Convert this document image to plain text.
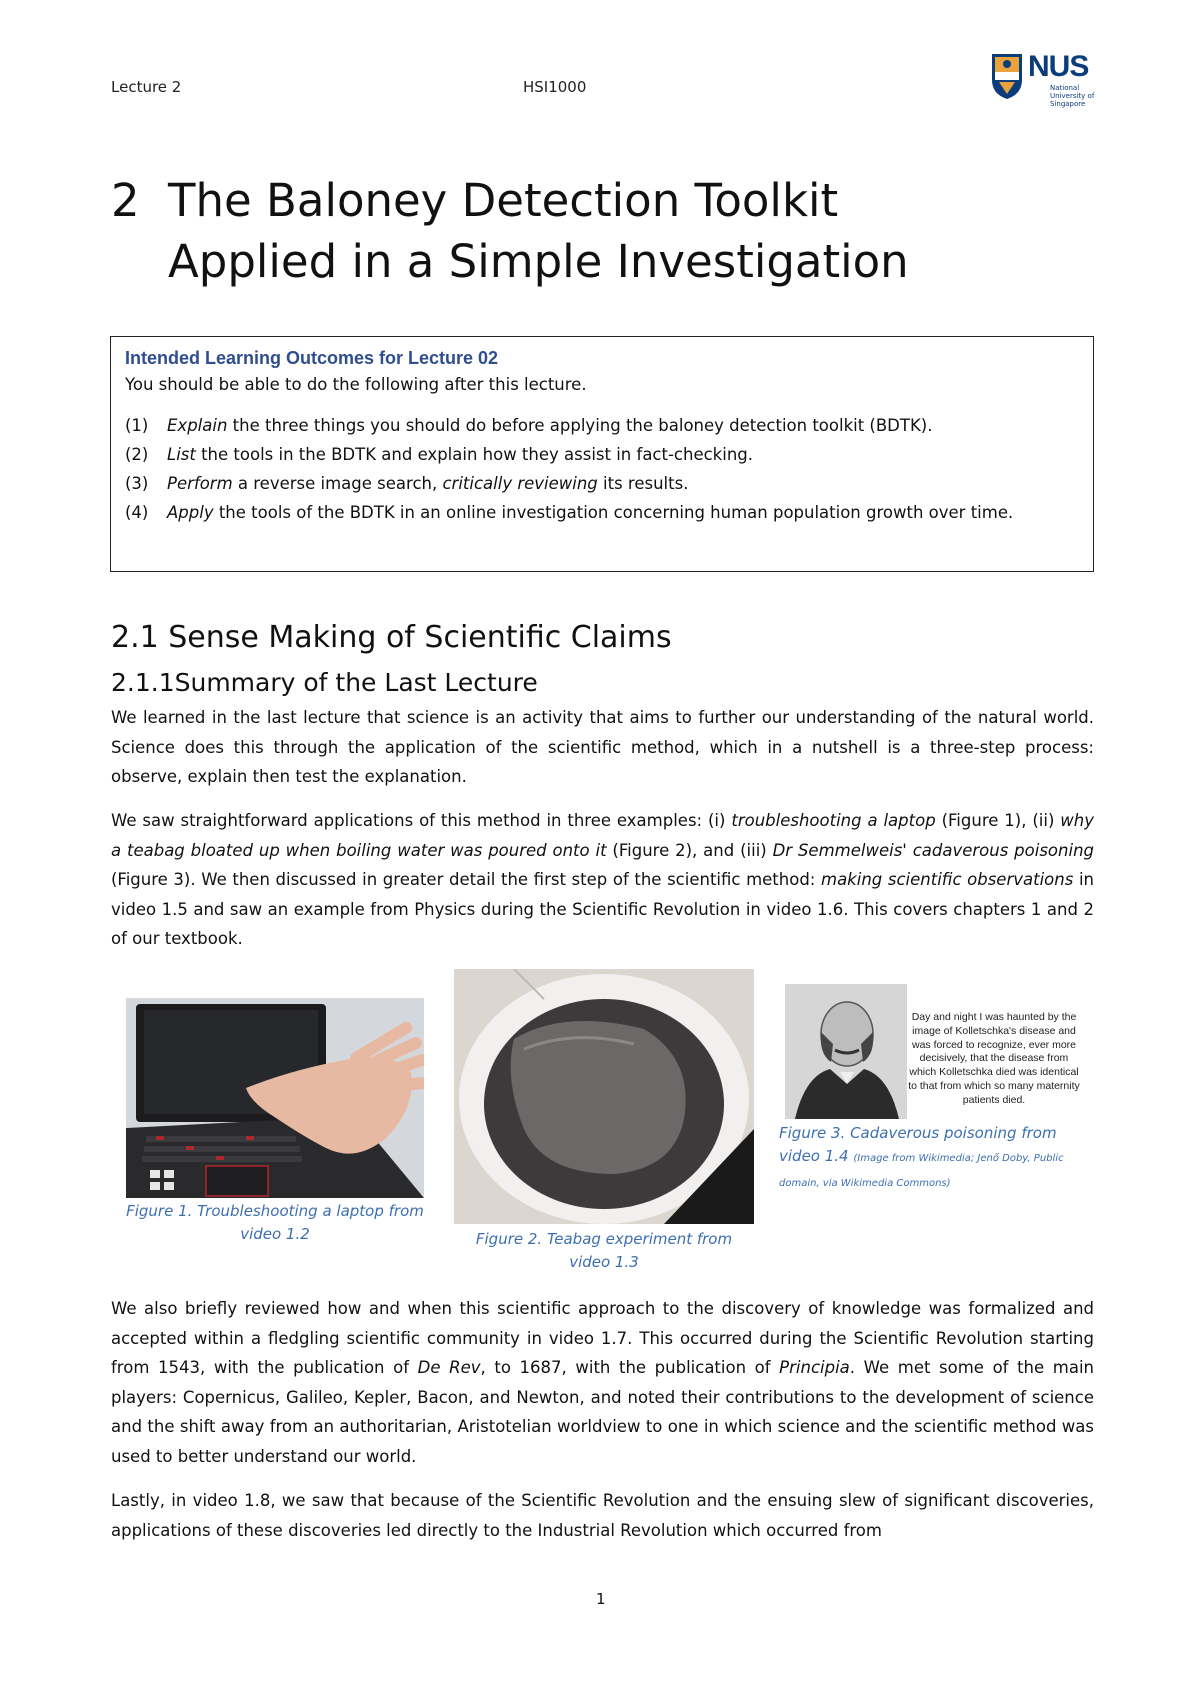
Lecture 2	HSI1000
NUS
National University of Singapore
2 The Baloney Detection Toolkit
Applied in a Simple Investigation
Intended Learning Outcomes for Lecture 02
You should be able to do the following after this lecture.
(1) Explain the three things you should do before applying the baloney detection toolkit (BDTK).
(2) List the tools in the BDTK and explain how they assist in fact-checking.
(3) Perform a reverse image search, critically reviewing its results.
(4) Apply the tools of the BDTK in an online investigation concerning human population growth over time.
2.1 Sense Making of Scientific Claims
2.1.1Summary of the Last Lecture

We learned in the last lecture that science is an activity that aims to further our understanding of the natural world. Science does this through the application of the scientific method, which in a nutshell is a three-step process: observe, explain then test the explanation.

We saw straightforward applications of this method in three examples: (i) troubleshooting a laptop (Figure 1), (ii) why a teabag bloated up when boiling water was poured onto it (Figure 2), and (iii) Dr Semmelweis' cadaverous poisoning (Figure 3). We then discussed in greater detail the first step of the scientific method: making scientific observations in video 1.5 and saw an example from Physics during the Scientific Revolution in video 1.6. This covers chapters 1 and 2 of our textbook.

Figure 1. Troubleshooting a laptop from video 1.2	Figure 2. Teabag experiment from video 1.3
Day and night I was haunted by the image of Kolletschka's disease and was forced to recognize, ever more decisively, that the disease from which Kolletschka died was identical to that from which so many maternity patients died.
Figure 3. Cadaverous poisoning from video 1.4 (Image from Wikimedia; Jenő Doby, Public domain, via Wikimedia Commons)

We also briefly reviewed how and when this scientific approach to the discovery of knowledge was formalized and accepted within a fledgling scientific community in video 1.7. This occurred during the Scientific Revolution starting from 1543, with the publication of De Rev, to 1687, with the publication of Principia. We met some of the main players: Copernicus, Galileo, Kepler, Bacon, and Newton, and noted their contributions to the development of science and the shift away from an authoritarian, Aristotelian worldview to one in which science and the scientific method was used to better understand our world.

Lastly, in video 1.8, we saw that because of the Scientific Revolution and the ensuing slew of significant discoveries, applications of these discoveries led directly to the Industrial Revolution which occurred from

1
